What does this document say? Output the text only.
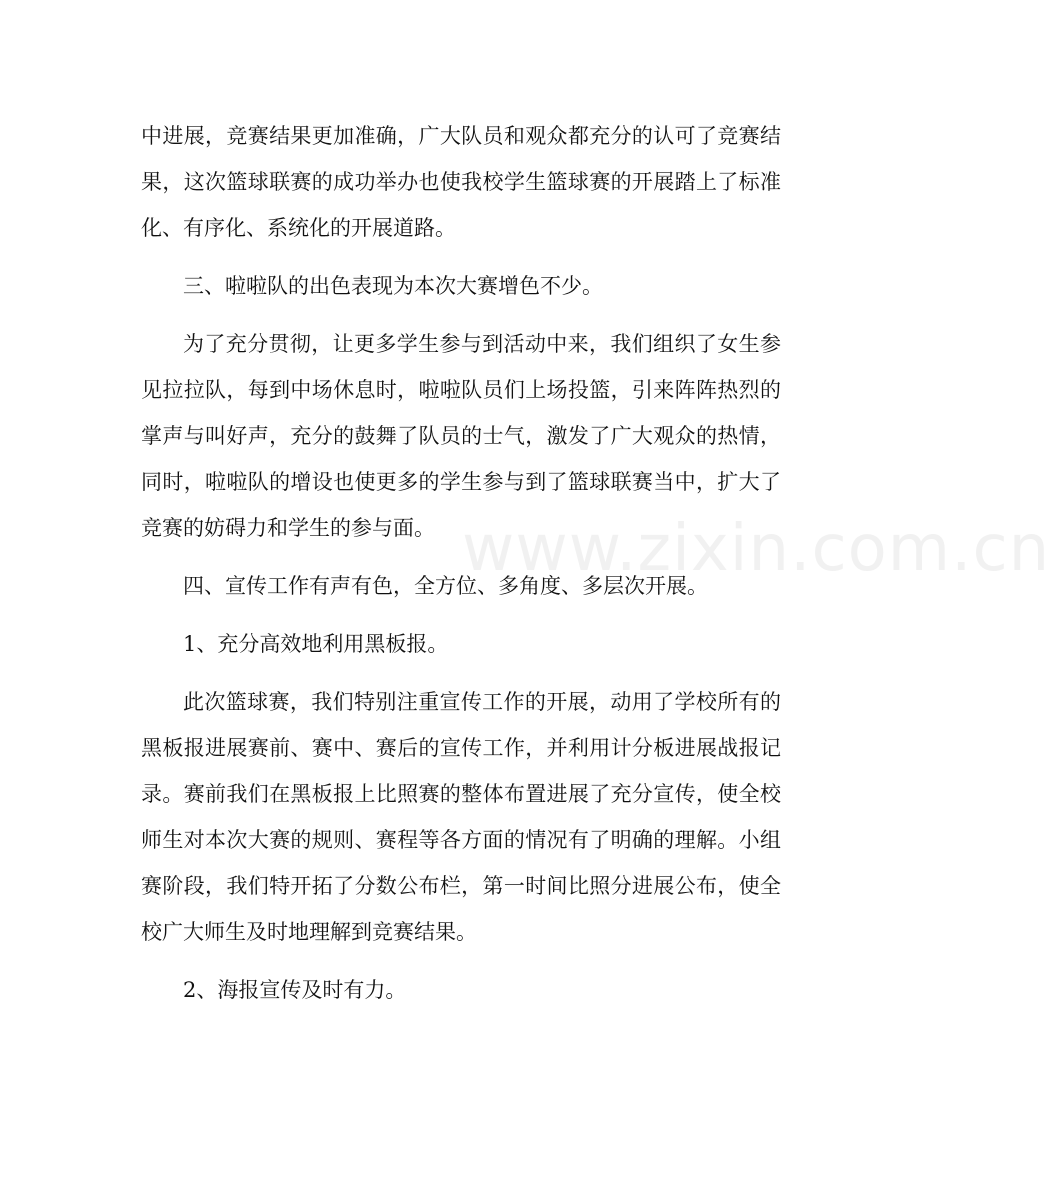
www.zixin.com.cn
中进展，竞赛结果更加准确，广大队员和观众都充分的认可了竞赛结
果，这次篮球联赛的成功举办也使我校学生篮球赛的开展踏上了标准
化、有序化、系统化的开展道路。
三、啦啦队的出色表现为本次大赛增色不少。
为了充分贯彻，让更多学生参与到活动中来，我们组织了女生参
见拉拉队，每到中场休息时，啦啦队员们上场投篮，引来阵阵热烈的
掌声与叫好声，充分的鼓舞了队员的士气，激发了广大观众的热情，
同时，啦啦队的增设也使更多的学生参与到了篮球联赛当中，扩大了
竞赛的妨碍力和学生的参与面。
四、宣传工作有声有色，全方位、多角度、多层次开展。
1、充分高效地利用黑板报。
此次篮球赛，我们特别注重宣传工作的开展，动用了学校所有的
黑板报进展赛前、赛中、赛后的宣传工作，并利用计分板进展战报记
录。赛前我们在黑板报上比照赛的整体布置进展了充分宣传，使全校
师生对本次大赛的规则、赛程等各方面的情况有了明确的理解。小组
赛阶段，我们特开拓了分数公布栏，第一时间比照分进展公布，使全
校广大师生及时地理解到竞赛结果。
2、海报宣传及时有力。
